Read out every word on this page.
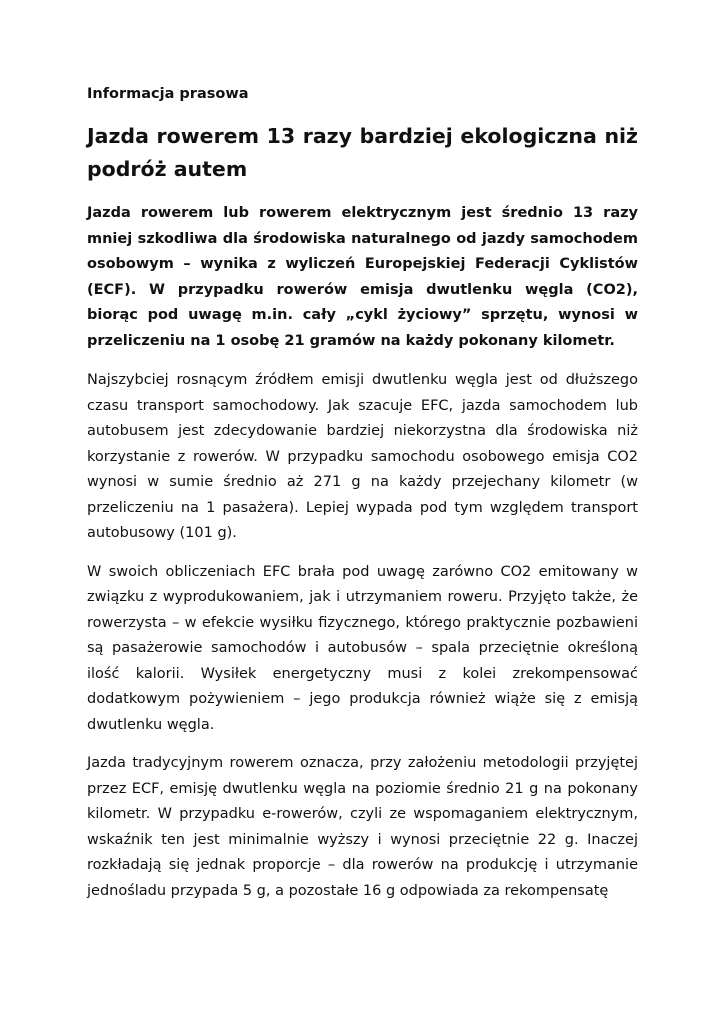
Informacja prasowa
Jazda rowerem 13 razy bardziej ekologiczna niż podróż autem
Jazda rowerem lub rowerem elektrycznym jest średnio 13 razy mniej szkodliwa dla środowiska naturalnego od jazdy samochodem osobowym – wynika z wyliczeń Europejskiej Federacji Cyklistów (ECF). W przypadku rowerów emisja dwutlenku węgla (CO2), biorąc pod uwagę m.in. cały „cykl życiowy” sprzętu, wynosi w przeliczeniu na 1 osobę 21 gramów na każdy pokonany kilometr.
Najszybciej rosnącym źródłem emisji dwutlenku węgla jest od dłuższego czasu transport samochodowy. Jak szacuje EFC, jazda samochodem lub autobusem jest zdecydowanie bardziej niekorzystna dla środowiska niż korzystanie z rowerów. W przypadku samochodu osobowego emisja CO2 wynosi w sumie średnio aż 271 g na każdy przejechany kilometr (w przeliczeniu na 1 pasażera). Lepiej wypada pod tym względem transport autobusowy (101 g).
W swoich obliczeniach EFC brała pod uwagę zarówno CO2 emitowany w związku z wyprodukowaniem, jak i utrzymaniem roweru. Przyjęto także, że rowerzysta – w efekcie wysiłku fizycznego, którego praktycznie pozbawieni są pasażerowie samochodów i autobusów – spala przeciętnie określoną ilość kalorii. Wysiłek energetyczny musi z kolei zrekompensować dodatkowym pożywieniem – jego produkcja również wiąże się z emisją dwutlenku węgla.
Jazda tradycyjnym rowerem oznacza, przy założeniu metodologii przyjętej przez ECF, emisję dwutlenku węgla na poziomie średnio 21 g na pokonany kilometr. W przypadku e-rowerów, czyli ze wspomaganiem elektrycznym, wskaźnik ten jest minimalnie wyższy i wynosi przeciętnie 22 g. Inaczej rozkładają się jednak proporcje – dla rowerów na produkcję i utrzymanie jednośladu przypada 5 g, a pozostałe 16 g odpowiada za rekompensatę
